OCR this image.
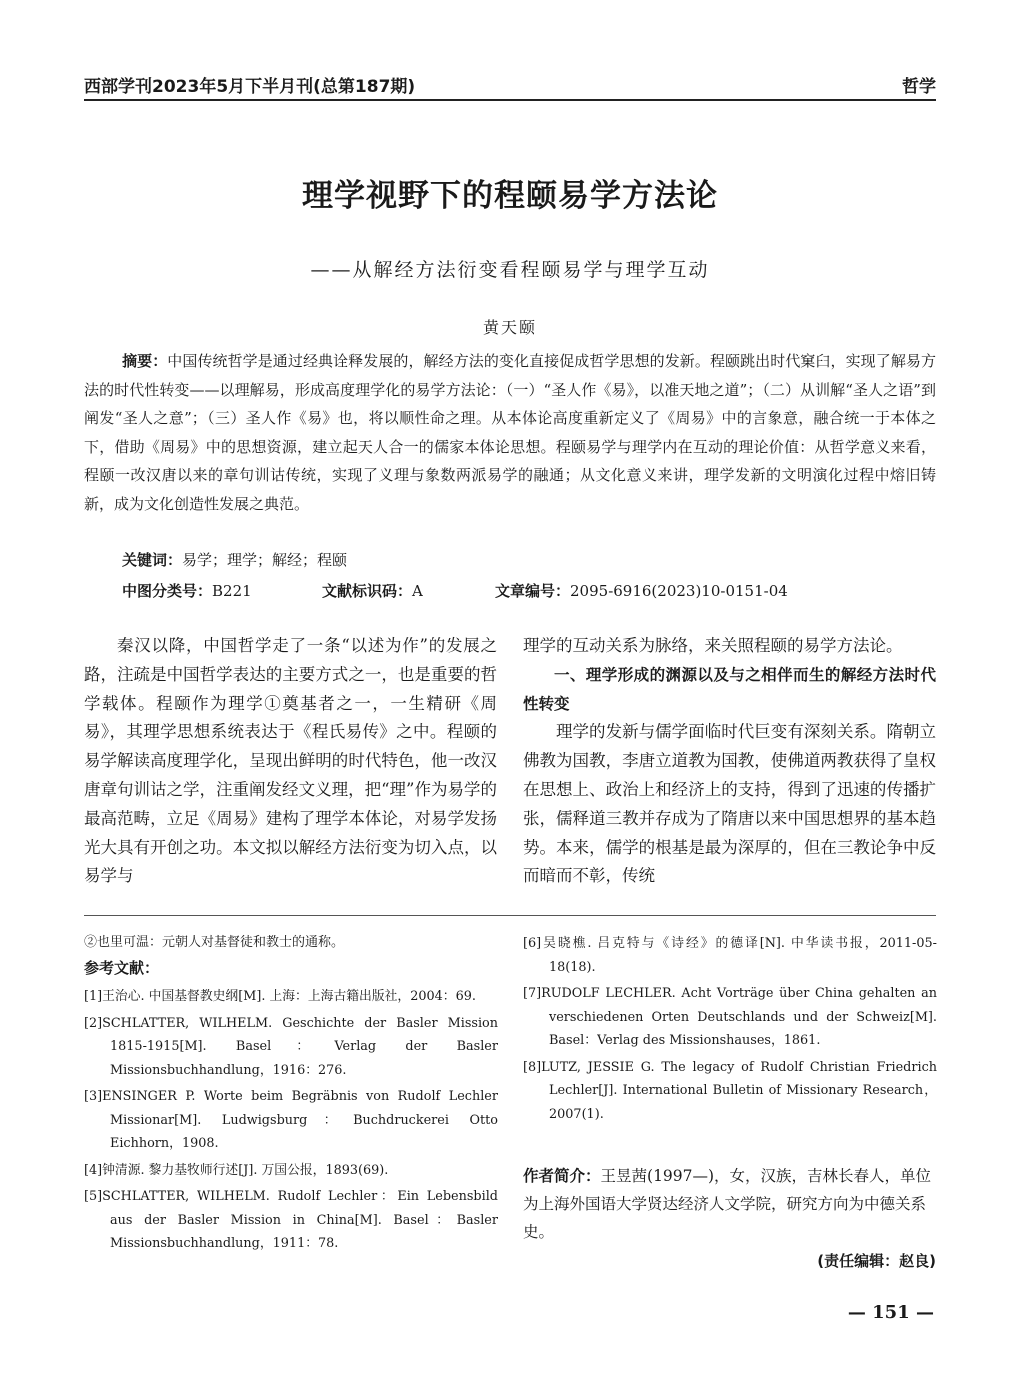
西部学刊2023年5月下半月刊(总第187期)	哲学
理学视野下的程颐易学方法论
——从解经方法衍变看程颐易学与理学互动
黄天颐
摘要：中国传统哲学是通过经典诠释发展的，解经方法的变化直接促成哲学思想的发新。程颐跳出时代窠臼，实现了解易方法的时代性转变——以理解易，形成高度理学化的易学方法论：（一）“圣人作《易》，以准天地之道”；（二）从训解“圣人之语”到阐发“圣人之意”；（三）圣人作《易》也，将以顺性命之理。从本体论高度重新定义了《周易》中的言象意，融合统一于本体之下，借助《周易》中的思想资源，建立起天人合一的儒家本体论思想。程颐易学与理学内在互动的理论价值：从哲学意义来看，程颐一改汉唐以来的章句训诂传统，实现了义理与象数两派易学的融通；从文化意义来讲，理学发新的文明演化过程中熔旧铸新，成为文化创造性发展之典范。
关键词：易学；理学；解经；程颐
中图分类号：B221	文献标识码：A	文章编号：2095-6916(2023)10-0151-04

秦汉以降，中国哲学走了一条“以述为作”的发展之路，注疏是中国哲学表达的主要方式之一，也是重要的哲学载体。程颐作为理学①奠基者之一，一生精研《周易》，其理学思想系统表达于《程氏易传》之中。程颐的易学解读高度理学化，呈现出鲜明的时代特色，他一改汉唐章句训诂之学，注重阐发经文义理，把“理”作为易学的最高范畴，立足《周易》建构了理学本体论，对易学发扬光大具有开创之功。本文拟以解经方法衍变为切入点，以易学与

理学的互动关系为脉络，来关照程颐的易学方法论。
一、理学形成的渊源以及与之相伴而生的解经方法时代性转变

理学的发新与儒学面临时代巨变有深刻关系。隋朝立佛教为国教，李唐立道教为国教，使佛道两教获得了皇权在思想上、政治上和经济上的支持，得到了迅速的传播扩张，儒释道三教并存成为了隋唐以来中国思想界的基本趋势。本来，儒学的根基是最为深厚的，但在三教论争中反而暗而不彰，传统

②也里可温：元朝人对基督徒和教士的通称。
参考文献：

[1]王治心. 中国基督教史纲[M]. 上海：上海古籍出版社，2004：69.

[2]SCHLATTER, WILHELM. Geschichte der Basler Mission 1815-1915[M]. Basel：Verlag der Basler Missionsbuchhandlung，1916：276.

[3]ENSINGER P. Worte beim Begräbnis von Rudolf Lechler Missionar[M]. Ludwigsburg：Buchdruckerei Otto Eichhorn，1908.

[4]钟清源. 黎力基牧师行述[J]. 万国公报，1893(69).

[5]SCHLATTER, WILHELM. Rudolf Lechler：Ein Lebensbild aus der Basler Mission in China[M]. Basel：Basler Missionsbuchhandlung，1911：78.

[6]吴晓樵. 吕克特与《诗经》的德译[N]. 中华读书报，2011-05-18(18).

[7]RUDOLF LECHLER. Acht Vorträge über China gehalten an verschiedenen Orten Deutschlands und der Schweiz[M]. Basel：Verlag des Missionshauses，1861.

[8]LUTZ, JESSIE G. The legacy of Rudolf Christian Friedrich Lechler[J]. International Bulletin of Missionary Research，2007(1).

作者简介：王昱茜(1997—)，女，汉族，吉林长春人，单位为上海外国语大学贤达经济人文学院，研究方向为中德关系史。
(责任编辑：赵良)
— 151 —
